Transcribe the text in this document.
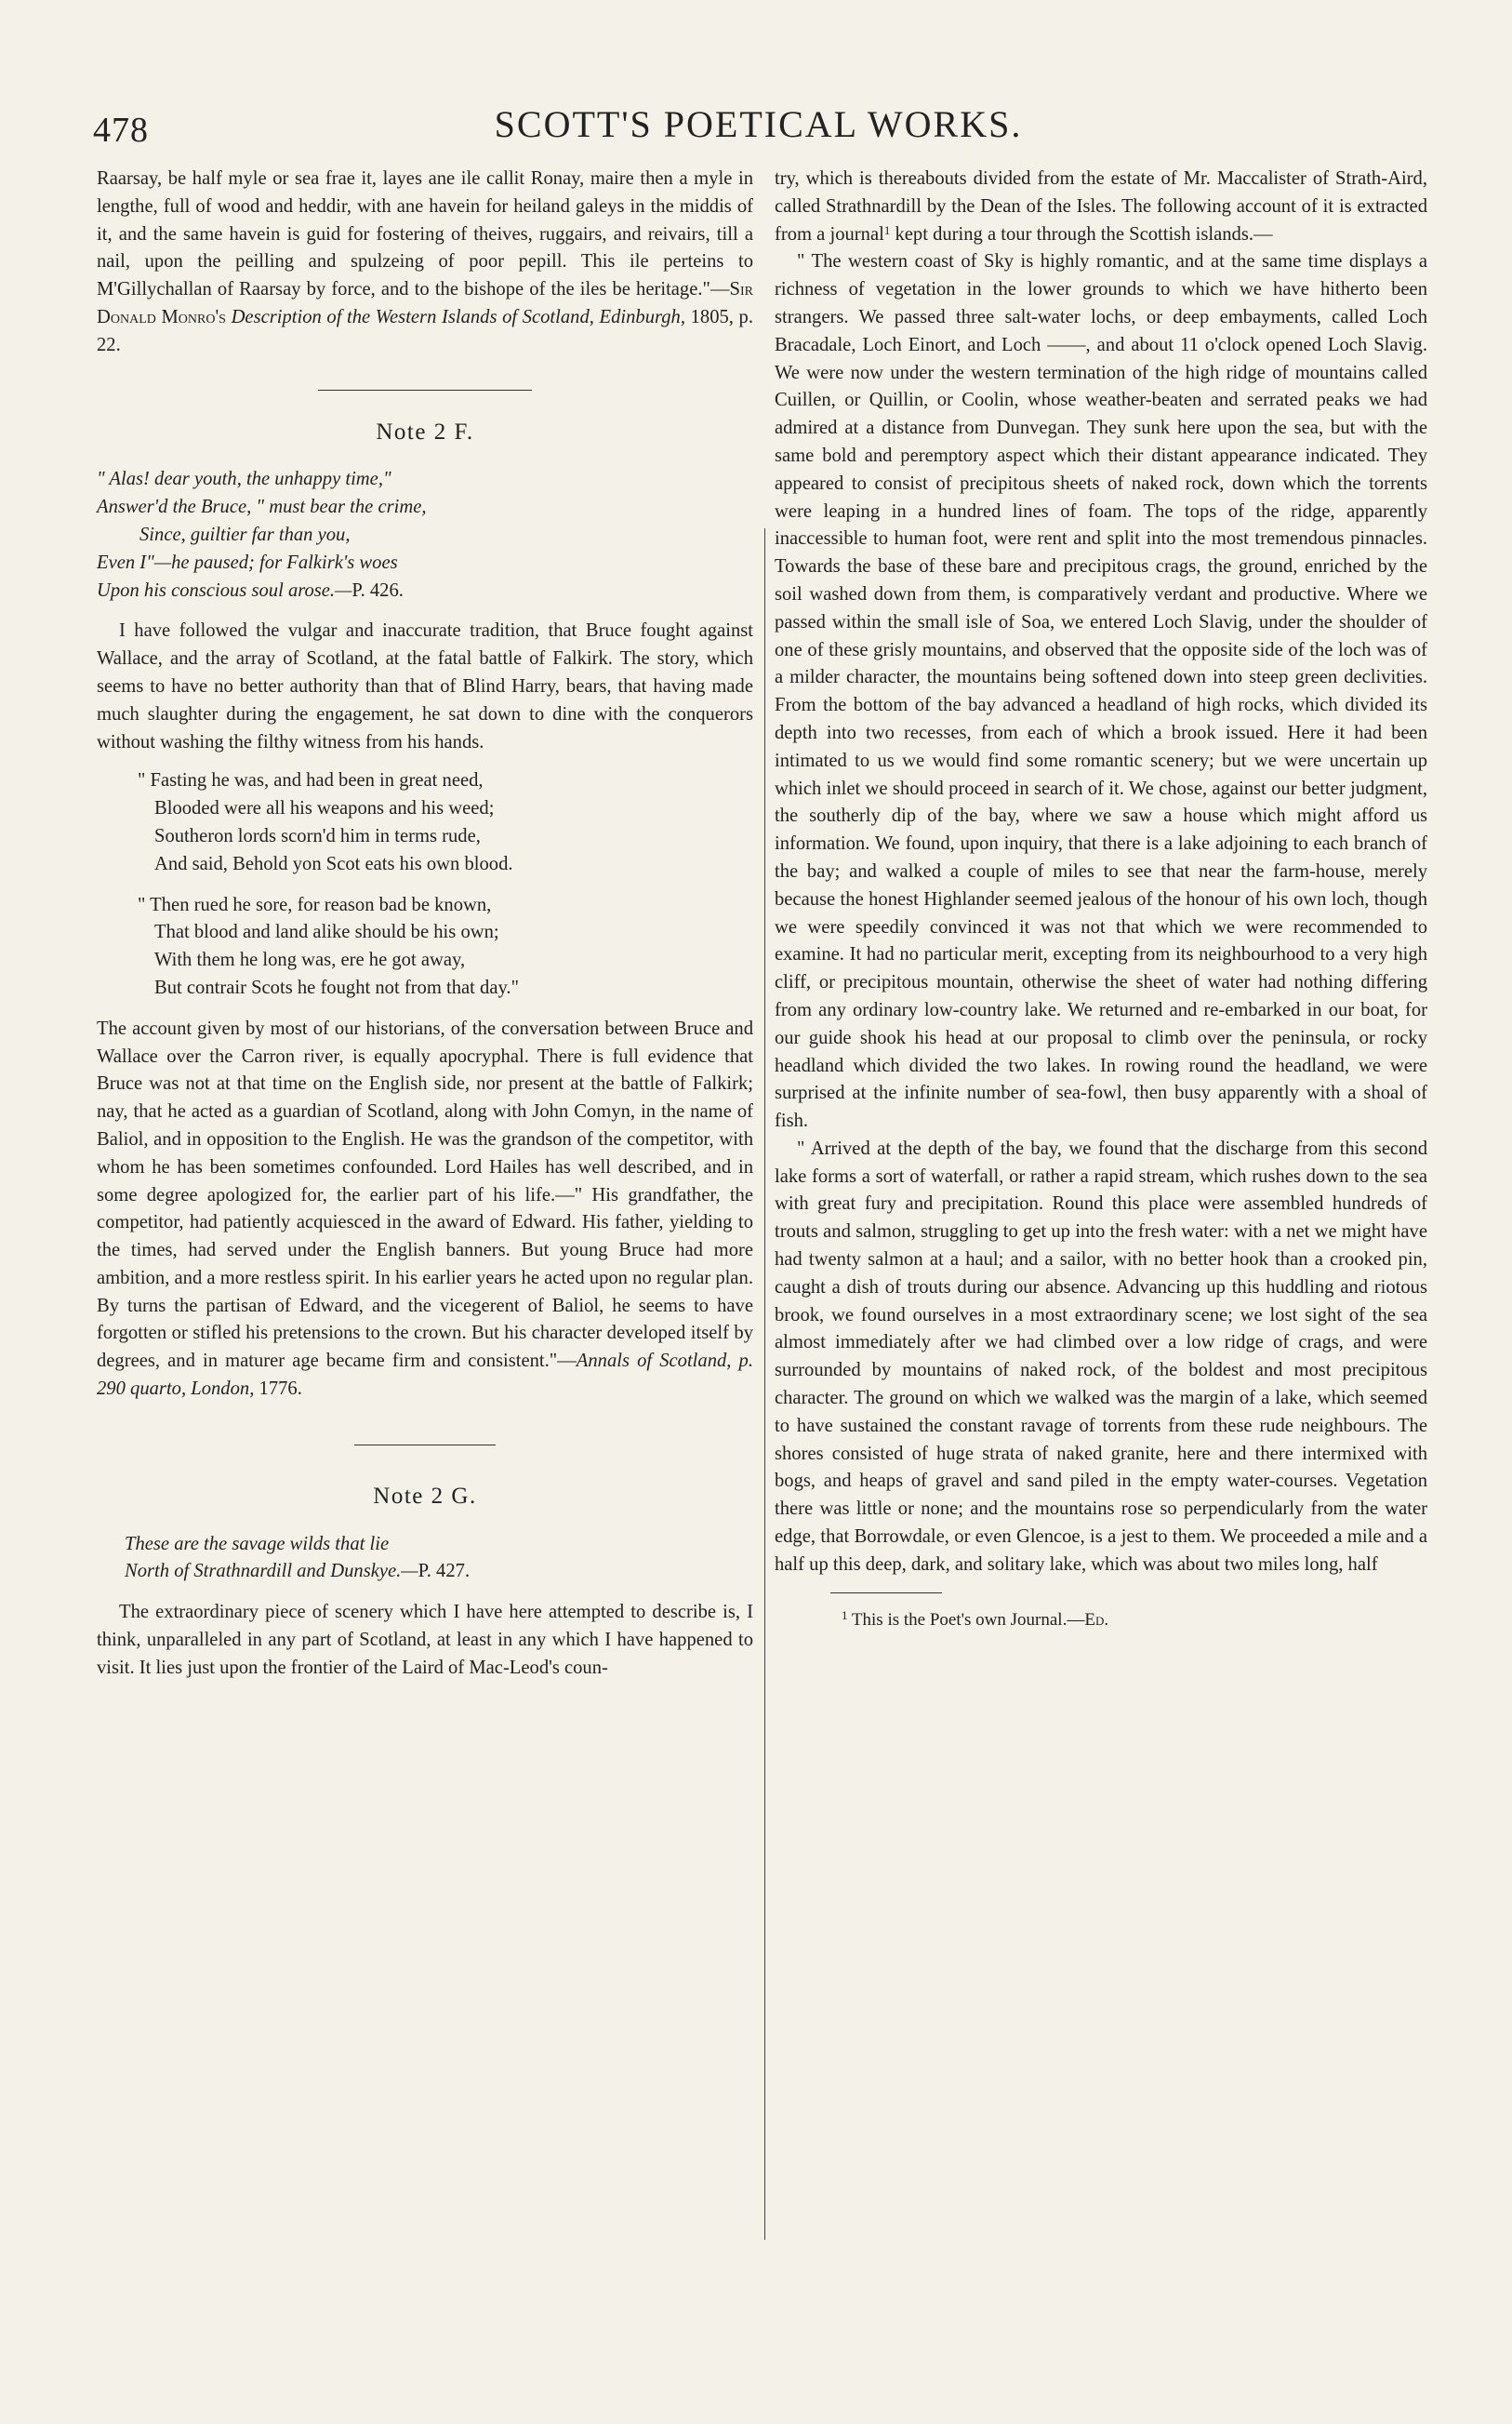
478	SCOTT'S POETICAL WORKS.

Raarsay, be half myle or sea frae it, layes ane ile callit Ronay, maire then a myle in lengthe, full of wood and heddir, with ane havein for heiland galeys in the middis of it, and the same havein is guid for fostering of theives, ruggairs, and reivairs, till a nail, upon the peilling and spulzeing of poor pepill. This ile perteins to M'Gillychallan of Raarsay by force, and to the bishope of the iles be heritage."—Sir Donald Monro's Description of the Western Islands of Scotland, Edinburgh, 1805, p. 22.

Note 2 F.
" Alas! dear youth, the unhappy time,"
Answer'd the Bruce, " must bear the crime,
Since, guiltier far than you,
Even I"—he paused; for Falkirk's woes
Upon his conscious soul arose.—P. 426.

I have followed the vulgar and inaccurate tradition, that Bruce fought against Wallace, and the array of Scotland, at the fatal battle of Falkirk. The story, which seems to have no better authority than that of Blind Harry, bears, that having made much slaughter during the engagement, he sat down to dine with the conquerors without washing the filthy witness from his hands.

" Fasting he was, and had been in great need,
Blooded were all his weapons and his weed;
Southeron lords scorn'd him in terms rude,
And said, Behold yon Scot eats his own blood.
" Then rued he sore, for reason bad be known,
That blood and land alike should be his own;
With them he long was, ere he got away,
But contrair Scots he fought not from that day."

The account given by most of our historians, of the conversation between Bruce and Wallace over the Carron river, is equally apocryphal. There is full evidence that Bruce was not at that time on the English side, nor present at the battle of Falkirk; nay, that he acted as a guardian of Scotland, along with John Comyn, in the name of Baliol, and in opposition to the English. He was the grandson of the competitor, with whom he has been sometimes confounded. Lord Hailes has well described, and in some degree apologized for, the earlier part of his life.—" His grandfather, the competitor, had patiently acquiesced in the award of Edward. His father, yielding to the times, had served under the English banners. But young Bruce had more ambition, and a more restless spirit. In his earlier years he acted upon no regular plan. By turns the partisan of Edward, and the vicegerent of Baliol, he seems to have forgotten or stifled his pretensions to the crown. But his character developed itself by degrees, and in maturer age became firm and consistent."—Annals of Scotland, p. 290 quarto, London, 1776.

Note 2 G.
These are the savage wilds that lie
North of Strathnardill and Dunskye.—P. 427.

The extraordinary piece of scenery which I have here attempted to describe is, I think, unparalleled in any part of Scotland, at least in any which I have happened to visit. It lies just upon the frontier of the Laird of Mac-Leod's coun-

try, which is thereabouts divided from the estate of Mr. Maccalister of Strath-Aird, called Strathnardill by the Dean of the Isles. The following account of it is extracted from a journal$^1$ kept during a tour through the Scottish islands.—

" The western coast of Sky is highly romantic, and at the same time displays a richness of vegetation in the lower grounds to which we have hitherto been strangers. We passed three salt-water lochs, or deep embayments, called Loch Bracadale, Loch Einort, and Loch ——, and about 11 o'clock opened Loch Slavig. We were now under the western termination of the high ridge of mountains called Cuillen, or Quillin, or Coolin, whose weather-beaten and serrated peaks we had admired at a distance from Dunvegan. They sunk here upon the sea, but with the same bold and peremptory aspect which their distant appearance indicated. They appeared to consist of precipitous sheets of naked rock, down which the torrents were leaping in a hundred lines of foam. The tops of the ridge, apparently inaccessible to human foot, were rent and split into the most tremendous pinnacles. Towards the base of these bare and precipitous crags, the ground, enriched by the soil washed down from them, is comparatively verdant and productive. Where we passed within the small isle of Soa, we entered Loch Slavig, under the shoulder of one of these grisly mountains, and observed that the opposite side of the loch was of a milder character, the mountains being softened down into steep green declivities. From the bottom of the bay advanced a headland of high rocks, which divided its depth into two recesses, from each of which a brook issued. Here it had been intimated to us we would find some romantic scenery; but we were uncertain up which inlet we should proceed in search of it. We chose, against our better judgment, the southerly dip of the bay, where we saw a house which might afford us information. We found, upon inquiry, that there is a lake adjoining to each branch of the bay; and walked a couple of miles to see that near the farm-house, merely because the honest Highlander seemed jealous of the honour of his own loch, though we were speedily convinced it was not that which we were recommended to examine. It had no particular merit, excepting from its neighbourhood to a very high cliff, or precipitous mountain, otherwise the sheet of water had nothing differing from any ordinary low-country lake. We returned and re-embarked in our boat, for our guide shook his head at our proposal to climb over the peninsula, or rocky headland which divided the two lakes. In rowing round the headland, we were surprised at the infinite number of sea-fowl, then busy apparently with a shoal of fish.

" Arrived at the depth of the bay, we found that the discharge from this second lake forms a sort of waterfall, or rather a rapid stream, which rushes down to the sea with great fury and precipitation. Round this place were assembled hundreds of trouts and salmon, struggling to get up into the fresh water: with a net we might have had twenty salmon at a haul; and a sailor, with no better hook than a crooked pin, caught a dish of trouts during our absence. Advancing up this huddling and riotous brook, we found ourselves in a most extraordinary scene; we lost sight of the sea almost immediately after we had climbed over a low ridge of crags, and were surrounded by mountains of naked rock, of the boldest and most precipitous character. The ground on which we walked was the margin of a lake, which seemed to have sustained the constant ravage of torrents from these rude neighbours. The shores consisted of huge strata of naked granite, here and there intermixed with bogs, and heaps of gravel and sand piled in the empty water-courses. Vegetation there was little or none; and the mountains rose so perpendicularly from the water edge, that Borrowdale, or even Glencoe, is a jest to them. We proceeded a mile and a half up this deep, dark, and solitary lake, which was about two miles long, half

$^1$ This is the Poet's own Journal.—Ed.
